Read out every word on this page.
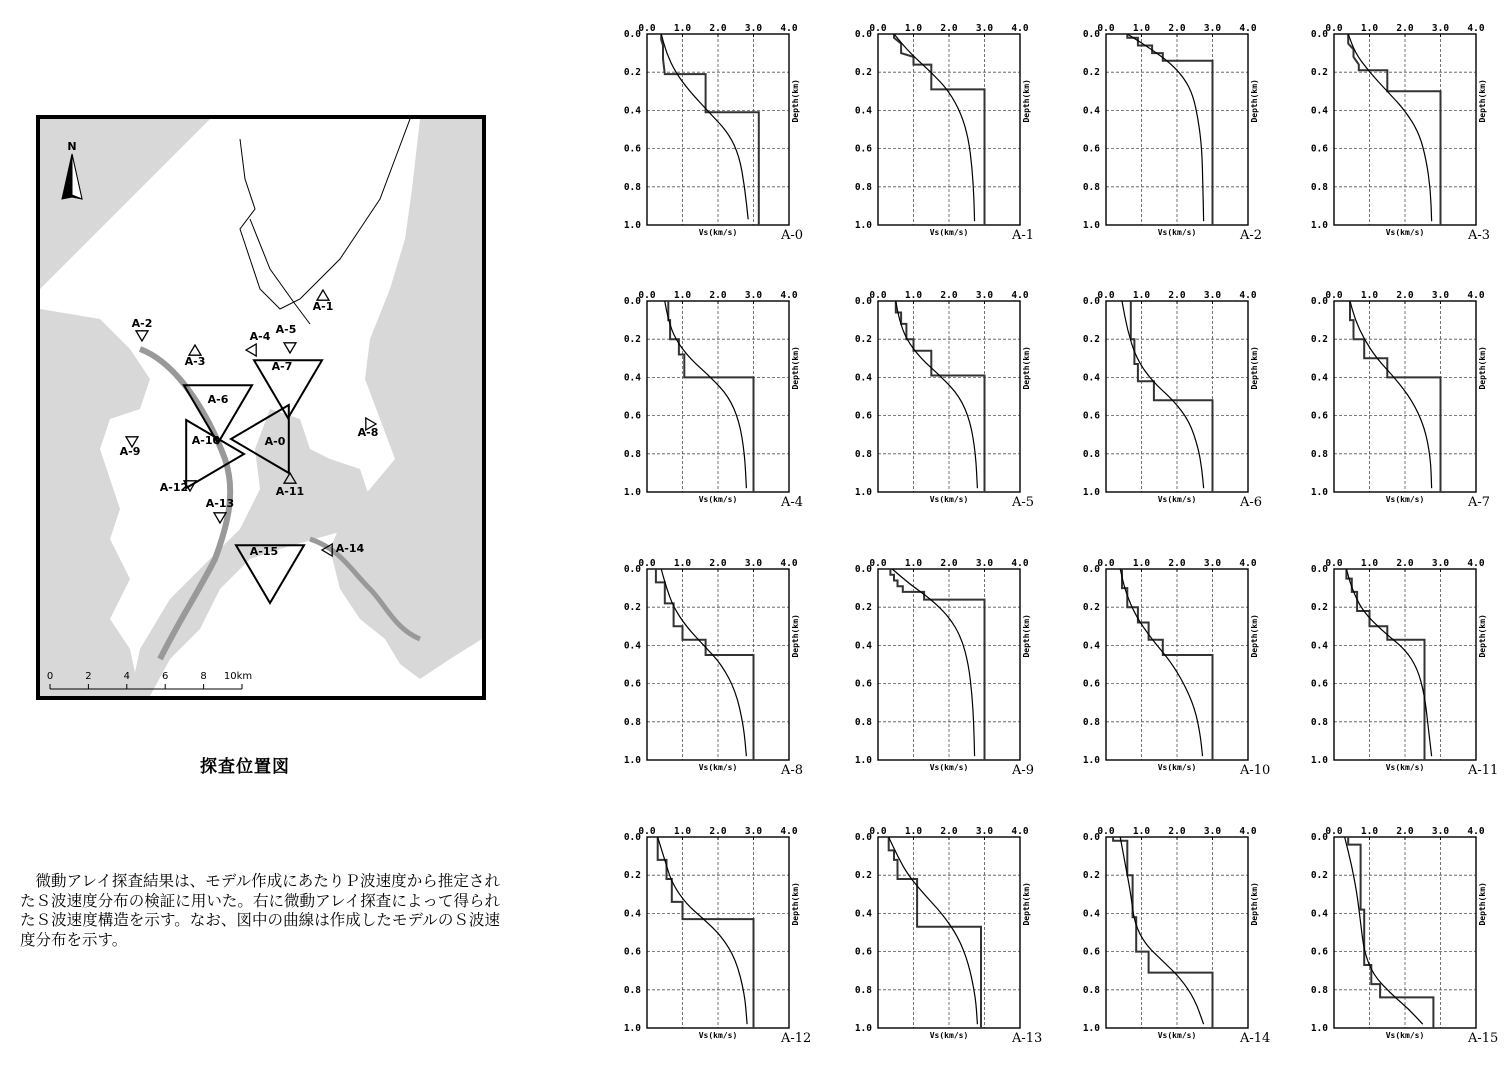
N
0	2	4	6	8 10km
A-0
A-1
A-2
A-3
A-4
A-5
A-6
A-7
A-8
A-9
A-10
A-11
A-12
A-13
A-14
A-15
探査位置図
微動アレイ探査結果は、モデル作成にあたりＰ波速度から推定されたＳ波速度分布の検証に用いた。右に微動アレイ探査によって得られたＳ波速度構造を示す。なお、図中の曲線は作成したモデルのＳ波速度分布を示す。
0.0 1.0 2.0 3.0 4.0
0.0
0.2
0.4
0.6
0.8
1.0
Vs(km/s)
Depth(km)
A-0
0.0 1.0 2.0 3.0 4.0
0.0
0.2
0.4
0.6
0.8
1.0
Vs(km/s)
Depth(km)
A-1
0.0 1.0 2.0 3.0 4.0
0.0
0.2
0.4
0.6
0.8
1.0
Vs(km/s)
Depth(km)
A-2
0.0 1.0 2.0 3.0 4.0
0.0
0.2
0.4
0.6
0.8
1.0
Vs(km/s)
Depth(km)
A-3
0.0 1.0 2.0 3.0 4.0
0.0
0.2
0.4
0.6
0.8
1.0
Vs(km/s)
Depth(km)
A-4
0.0 1.0 2.0 3.0 4.0
0.0
0.2
0.4
0.6
0.8
1.0
Vs(km/s)
Depth(km)
A-5
0.0 1.0 2.0 3.0 4.0
0.0
0.2
0.4
0.6
0.8
1.0
Vs(km/s)
Depth(km)
A-6
0.0 1.0 2.0 3.0 4.0
0.0
0.2
0.4
0.6
0.8
1.0
Vs(km/s)
Depth(km)
A-7
0.0 1.0 2.0 3.0 4.0
0.0
0.2
0.4
0.6
0.8
1.0
Vs(km/s)
Depth(km)
A-8
0.0 1.0 2.0 3.0 4.0
0.0
0.2
0.4
0.6
0.8
1.0
Vs(km/s)
Depth(km)
A-9
0.0 1.0 2.0 3.0 4.0
0.0
0.2
0.4
0.6
0.8
1.0
Vs(km/s)
Depth(km)
A-10
0.0 1.0 2.0 3.0 4.0
0.0
0.2
0.4
0.6
0.8
1.0
Vs(km/s)
Depth(km)
A-11
0.0 1.0 2.0 3.0 4.0
0.0
0.2
0.4
0.6
0.8
1.0
Vs(km/s)
Depth(km)
A-12
0.0 1.0 2.0 3.0 4.0
0.0
0.2
0.4
0.6
0.8
1.0
Vs(km/s)
Depth(km)
A-13
0.0 1.0 2.0 3.0 4.0
0.0
0.2
0.4
0.6
0.8
1.0
Vs(km/s)
Depth(km)
A-14
0.0 1.0 2.0 3.0 4.0
0.0
0.2
0.4
0.6
0.8
1.0
Vs(km/s)
Depth(km)
A-15
